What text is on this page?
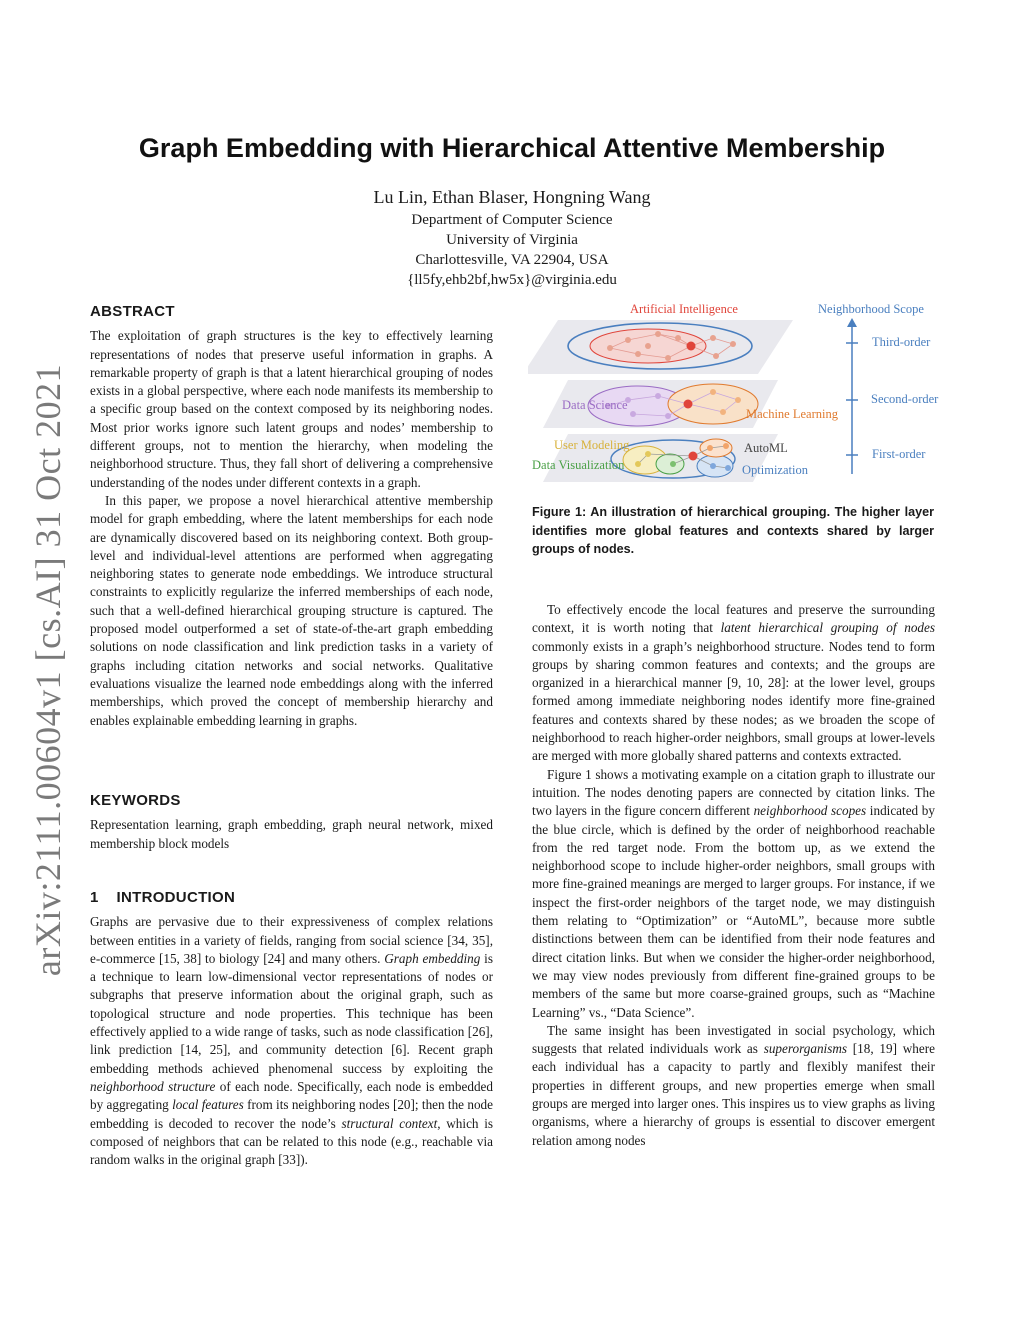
arXiv:2111.00604v1 [cs.AI] 31 Oct 2021
Graph Embedding with Hierarchical Attentive Membership
Lu Lin, Ethan Blaser, Hongning Wang
Department of Computer Science
University of Virginia
Charlottesville, VA 22904, USA
{ll5fy,ehb2bf,hw5x}@virginia.edu
ABSTRACT

The exploitation of graph structures is the key to effectively learning representations of nodes that preserve useful information in graphs. A remarkable property of graph is that a latent hierarchical grouping of nodes exists in a global perspective, where each node manifests its membership to a specific group based on the context composed by its neighboring nodes. Most prior works ignore such latent groups and nodes’ membership to different groups, not to mention the hierarchy, when modeling the neighborhood structure. Thus, they fall short of delivering a comprehensive understanding of the nodes under different contexts in a graph.

In this paper, we propose a novel hierarchical attentive membership model for graph embedding, where the latent memberships for each node are dynamically discovered based on its neighboring context. Both group-level and individual-level attentions are performed when aggregating neighboring states to generate node embeddings. We introduce structural constraints to explicitly regularize the inferred memberships of each node, such that a well-defined hierarchical grouping structure is captured. The proposed model outperformed a set of state-of-the-art graph embedding solutions on node classification and link prediction tasks in a variety of graphs including citation networks and social networks. Qualitative evaluations visualize the learned node embeddings along with the inferred memberships, which proved the concept of membership hierarchy and enables explainable embedding learning in graphs.

KEYWORDS

Representation learning, graph embedding, graph neural network, mixed membership block models

1    INTRODUCTION

Graphs are pervasive due to their expressiveness of complex relations between entities in a variety of fields, ranging from social science [34, 35], e-commerce [15, 38] to biology [24] and many others. Graph embedding is a technique to learn low-dimensional vector representations of nodes or subgraphs that preserve information about the original graph, such as topological structure and node properties. This technique has been effectively applied to a wide range of tasks, such as node classification [26], link prediction [14, 25], and community detection [6]. Recent graph embedding methods achieved phenomenal success by exploiting the neighborhood structure of each node. Specifically, each node is embedded by aggregating local features from its neighboring nodes [20]; then the node embedding is decoded to recover the node’s structural context, which is composed of neighbors that can be related to this node (e.g., reachable via random walks in the original graph [33]).

Artificial Intelligence
Data Science
Machine Learning
User Modeling
Data Visualization
AutoML
Optimization
Neighborhood Scope
Third-order
Second-order
First-order
Figure 1: An illustration of hierarchical grouping. The higher layer identifies more global features and contexts shared by larger groups of nodes.

To effectively encode the local features and preserve the surrounding context, it is worth noting that latent hierarchical grouping of nodes commonly exists in a graph’s neighborhood structure. Nodes tend to form groups by sharing common features and contexts; and the groups are organized in a hierarchical manner [9, 10, 28]: at the lower level, groups formed among immediate neighboring nodes identify more fine-grained features and contexts shared by these nodes; as we broaden the scope of neighborhood to reach higher-order neighbors, small groups at lower-levels are merged with more globally shared patterns and contexts extracted.

Figure 1 shows a motivating example on a citation graph to illustrate our intuition. The nodes denoting papers are connected by citation links. The two layers in the figure concern different neighborhood scopes indicated by the blue circle, which is defined by the order of neighborhood reachable from the red target node. From the bottom up, as we extend the neighborhood scope to include higher-order neighbors, small groups with more fine-grained meanings are merged to larger groups. For instance, if we inspect the first-order neighbors of the target node, we may distinguish them relating to “Optimization” or “AutoML”, because more subtle distinctions between them can be identified from their node features and direct citation links. But when we consider the higher-order neighborhood, we may view nodes previously from different fine-grained groups to be members of the same but more coarse-grained groups, such as “Machine Learning” vs., “Data Science”.

The same insight has been investigated in social psychology, which suggests that related individuals work as superorganisms [18, 19] where each individual has a capacity to partly and flexibly manifest their properties in different groups, and new properties emerge when small groups are merged into larger ones. This inspires us to view graphs as living organisms, where a hierarchy of groups is essential to discover emergent relation among nodes
